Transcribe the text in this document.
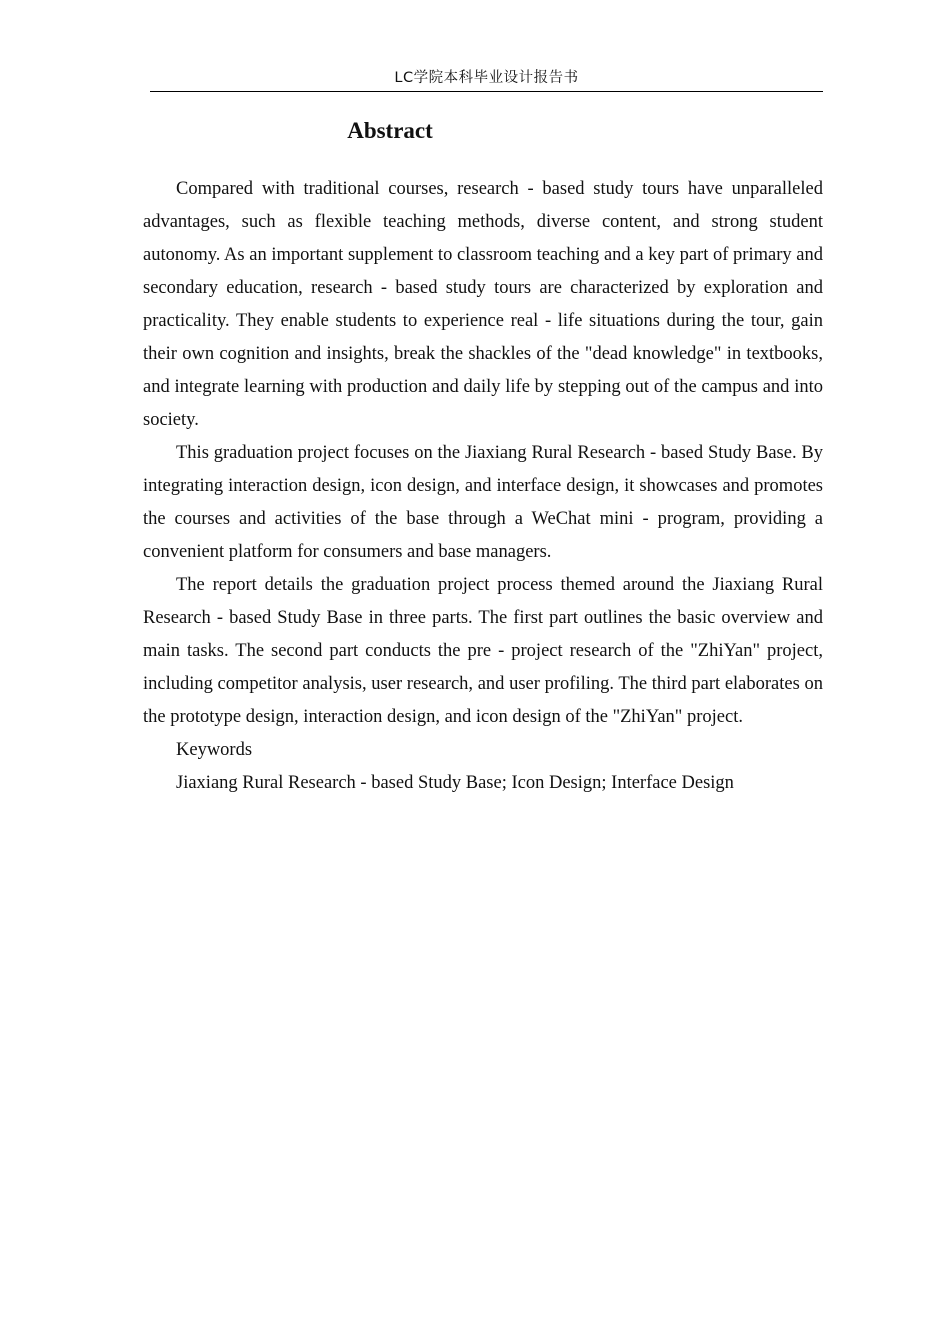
LC学院本科毕业设计报告书
Abstract

Compared with traditional courses, research - based study tours have unparalleled advantages, such as flexible teaching methods, diverse content, and strong student autonomy. As an important supplement to classroom teaching and a key part of primary and secondary education, research - based study tours are characterized by exploration and practicality. They enable students to experience real - life situations during the tour, gain their own cognition and insights, break the shackles of the "dead knowledge" in textbooks, and integrate learning with production and daily life by stepping out of the campus and into society.

This graduation project focuses on the Jiaxiang Rural Research - based Study Base. By integrating interaction design, icon design, and interface design, it showcases and promotes the courses and activities of the base through a WeChat mini - program, providing a convenient platform for consumers and base managers.

The report details the graduation project process themed around the Jiaxiang Rural Research - based Study Base in three parts. The first part outlines the basic overview and main tasks. The second part conducts the pre - project research of the "ZhiYan" project, including competitor analysis, user research, and user profiling. The third part elaborates on the prototype design, interaction design, and icon design of the "ZhiYan" project.

Keywords

Jiaxiang Rural Research - based Study Base; Icon Design; Interface Design
